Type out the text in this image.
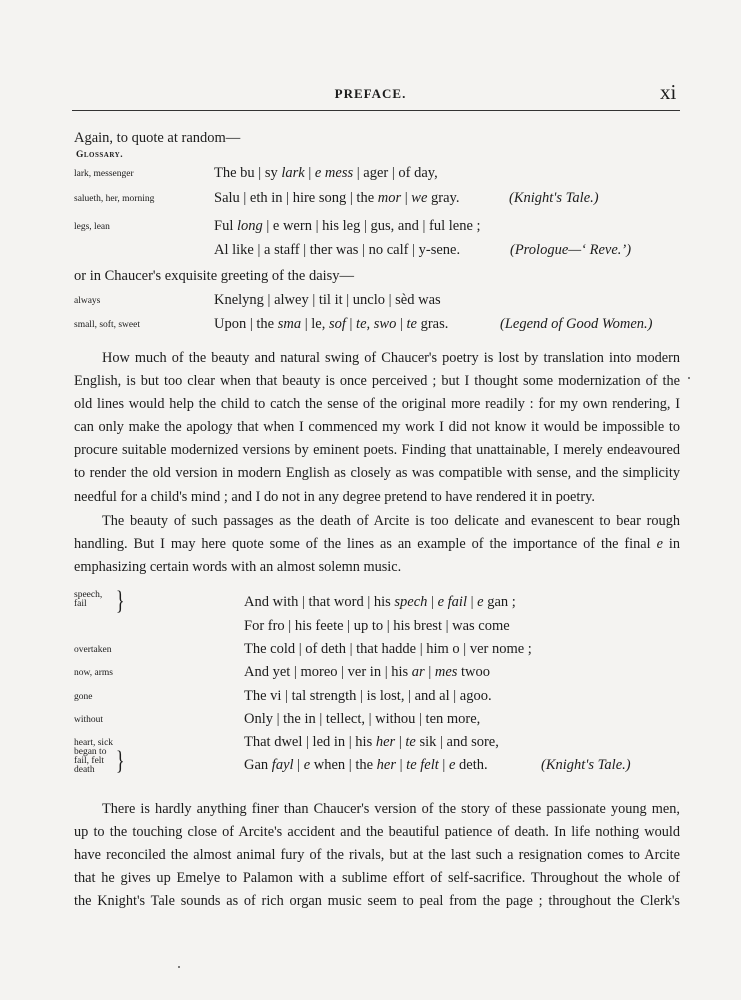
PREFACE.	xi
Again, to quote at random—
Glossary.
lark, messenger	The bu | sy lark | e mess | ager | of day,
salueth, her, morning	Salu | eth in | hire song | the mor | we gray.	(Knight's Tale.)
legs, lean	Ful long | e wern | his leg | gus, and | ful lene ;
Al like | a staff | ther was | no calf | y-sene.	(Prologue—‘ Reve.’)
or in Chaucer's exquisite greeting of the daisy—
always	Knelyng | alwey | til it | unclo | sèd was
small, soft, sweet	Upon | the sma | le, sof | te, swo | te gras.	(Legend of Good Women.)
How much of the beauty and natural swing of Chaucer's poetry is lost by translation into modern
English, is but too clear when that beauty is once perceived ; but I thought some modernization of the
old lines would help the child to catch the sense of the original more readily : for my own rendering, I
can only make the apology that when I commenced my work I did not know it would be impossible to
procure suitable modernized versions by eminent poets. Finding that unattainable, I merely endeavoured
to render the old version in modern English as closely as was compatible with sense, and the simplicity
needful for a child's mind ; and I do not in any degree pretend to have rendered it in poetry.
The beauty of such passages as the death of Arcite is too delicate and evanescent to bear rough
handling. But I may here quote some of the lines as an example of the importance of the final e in
emphasizing certain words with an almost solemn music.
speech,
fail	}	And with | that word | his spech | e fail | e gan ;
For fro | his feete | up to | his brest | was come
overtaken	The cold | of deth | that hadde | him o | ver nome ;
now, arms	And yet | moreo | ver in | his ar | mes twoo
gone	The vi | tal strength | is lost, | and al | agoo.
without	Only | the in | tellect, | withou | ten more,
heart, sick	That dwel | led in | his her | te sik | and sore,
began to
fail, felt
death }	Gan fayl | e when | the her | te felt | e deth.	(Knight's Tale.)
There is hardly anything finer than Chaucer's version of the story of these passionate young men,
up to the touching close of Arcite's accident and the beautiful patience of death. In life nothing would
have reconciled the almost animal fury of the rivals, but at the last such a resignation comes to Arcite
that he gives up Emelye to Palamon with a sublime effort of self-sacrifice. Throughout the whole of
the Knight's Tale sounds as of rich organ music seem to peal from the page ; throughout the Clerk's
